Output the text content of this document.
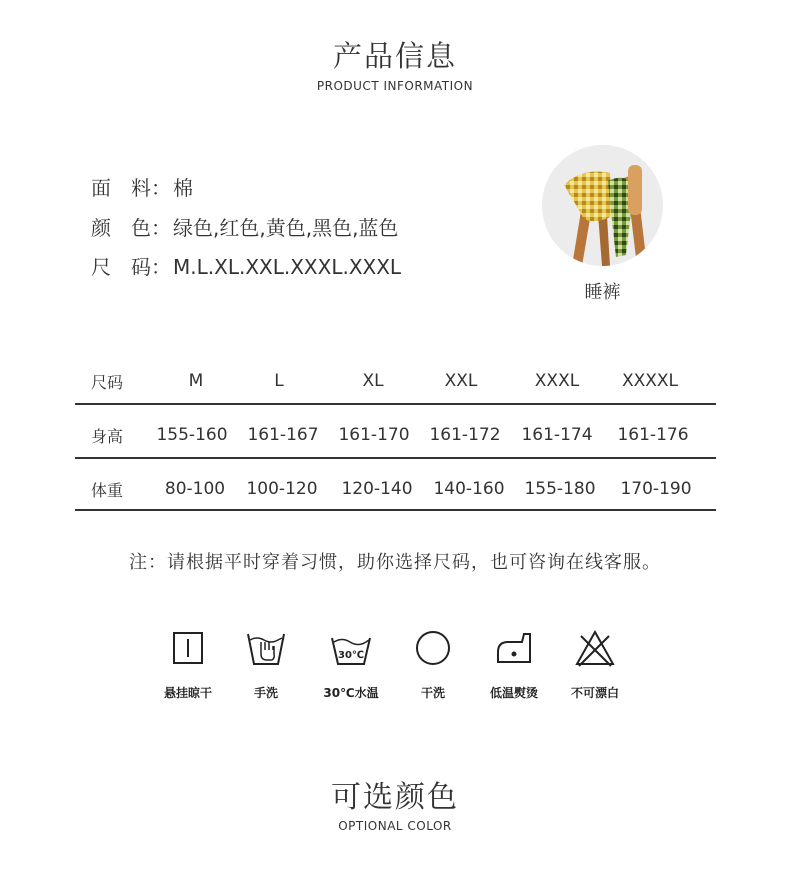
产品信息
PRODUCT INFORMATION
面　料： 棉
颜　色： 绿色,红色,黄色,黑色,蓝色
尺　码： M.L.XL.XXL.XXXL.XXXL
睡裤
尺码	M	L	XL	XXL	XXXL	XXXXL
身高	155-160	161-167	161-170	161-172	161-174	161-176
体重	80-100	100-120	120-140	140-160	155-180	170-190
注：请根据平时穿着习惯，助你选择尺码，也可咨询在线客服。
悬挂晾干	手洗
30℃
30℃水温	干洗	低温熨烫	不可漂白
可选颜色
OPTIONAL COLOR
